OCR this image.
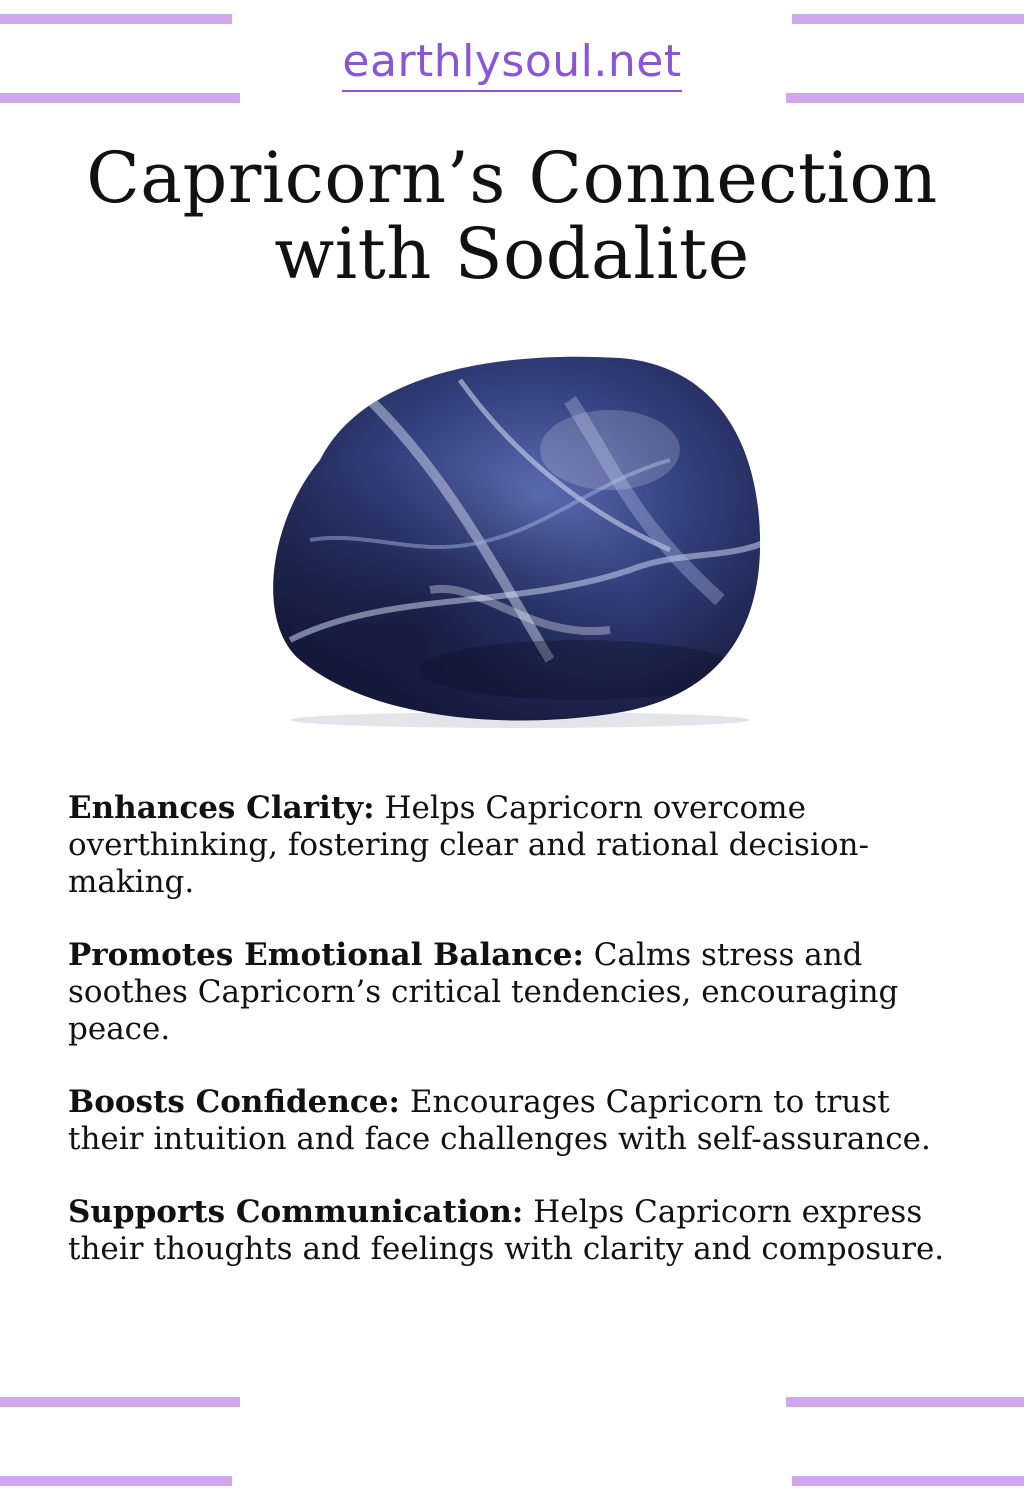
earthlysoul.net
Capricorn’s Connection
with Sodalite

Enhances Clarity: Helps Capricorn overcome overthinking, fostering clear and rational decision-making.

Promotes Emotional Balance: Calms stress and soothes Capricorn’s critical tendencies, encouraging peace.

Boosts Confidence: Encourages Capricorn to trust their intuition and face challenges with self-assurance.

Supports Communication: Helps Capricorn express their thoughts and feelings with clarity and composure.
